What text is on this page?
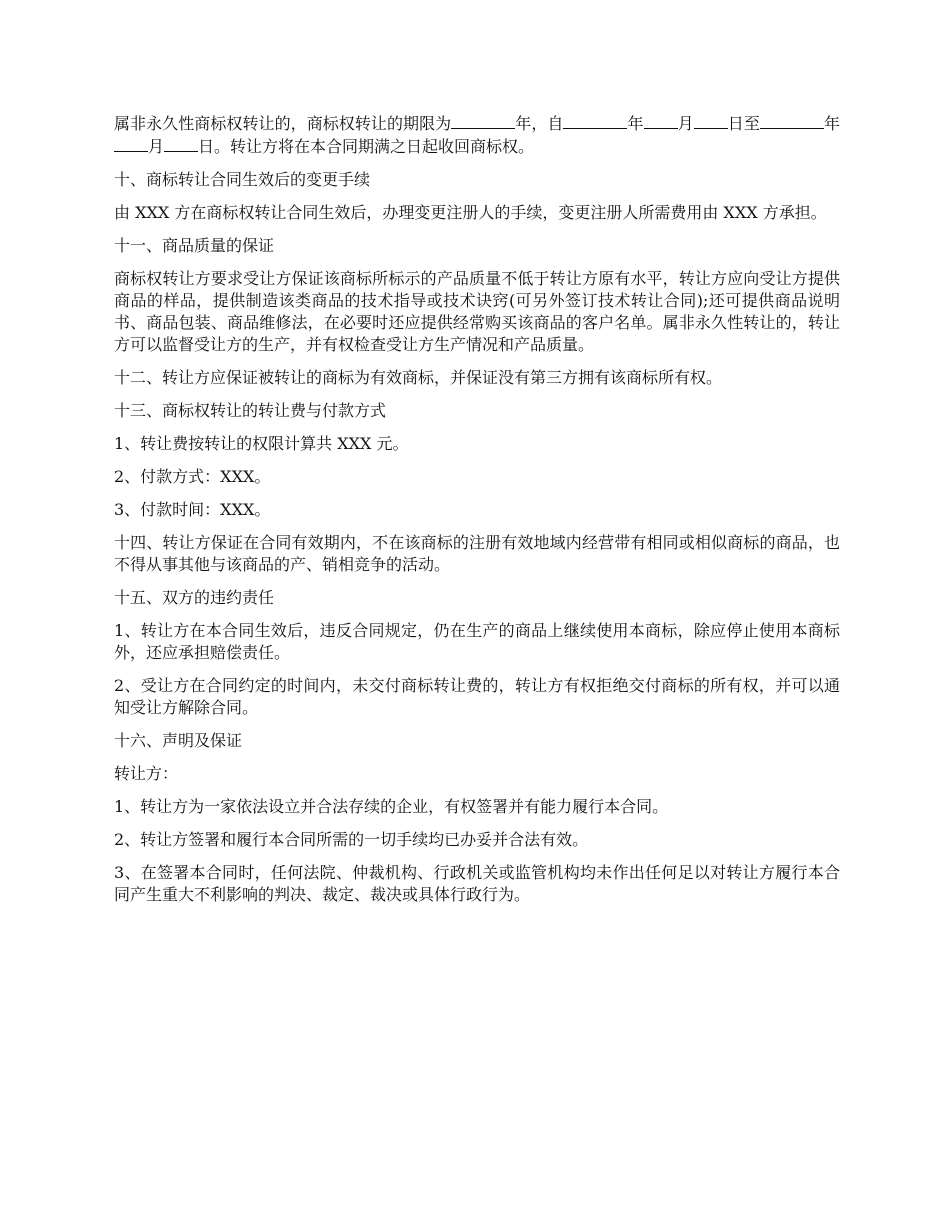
属非永久性商标权转让的，商标权转让的期限为	年，自	年 月 日至	年月 日。转让方将在本合同期满之日起收回商标权。

十、商标转让合同生效后的变更手续

由 XXX 方在商标权转让合同生效后，办理变更注册人的手续，变更注册人所需费用由 XXX 方承担。

十一、商品质量的保证

商标权转让方要求受让方保证该商标所标示的产品质量不低于转让方原有水平，转让方应向受让方提供商品的样品，提供制造该类商品的技术指导或技术诀窍(可另外签订技术转让合同);还可提供商品说明书、商品包装、商品维修法，在必要时还应提供经常购买该商品的客户名单。属非永久性转让的，转让方可以监督受让方的生产，并有权检查受让方生产情况和产品质量。

十二、转让方应保证被转让的商标为有效商标，并保证没有第三方拥有该商标所有权。

十三、商标权转让的转让费与付款方式

1、转让费按转让的权限计算共 XXX 元。

2、付款方式：XXX。

3、付款时间：XXX。

十四、转让方保证在合同有效期内，不在该商标的注册有效地域内经营带有相同或相似商标的商品，也不得从事其他与该商品的产、销相竞争的活动。

十五、双方的违约责任

1、转让方在本合同生效后，违反合同规定，仍在生产的商品上继续使用本商标，除应停止使用本商标外，还应承担赔偿责任。

2、受让方在合同约定的时间内，未交付商标转让费的，转让方有权拒绝交付商标的所有权，并可以通知受让方解除合同。

十六、声明及保证

转让方：

1、转让方为一家依法设立并合法存续的企业，有权签署并有能力履行本合同。

2、转让方签署和履行本合同所需的一切手续均已办妥并合法有效。

3、在签署本合同时，任何法院、仲裁机构、行政机关或监管机构均未作出任何足以对转让方履行本合同产生重大不利影响的判决、裁定、裁决或具体行政行为。
